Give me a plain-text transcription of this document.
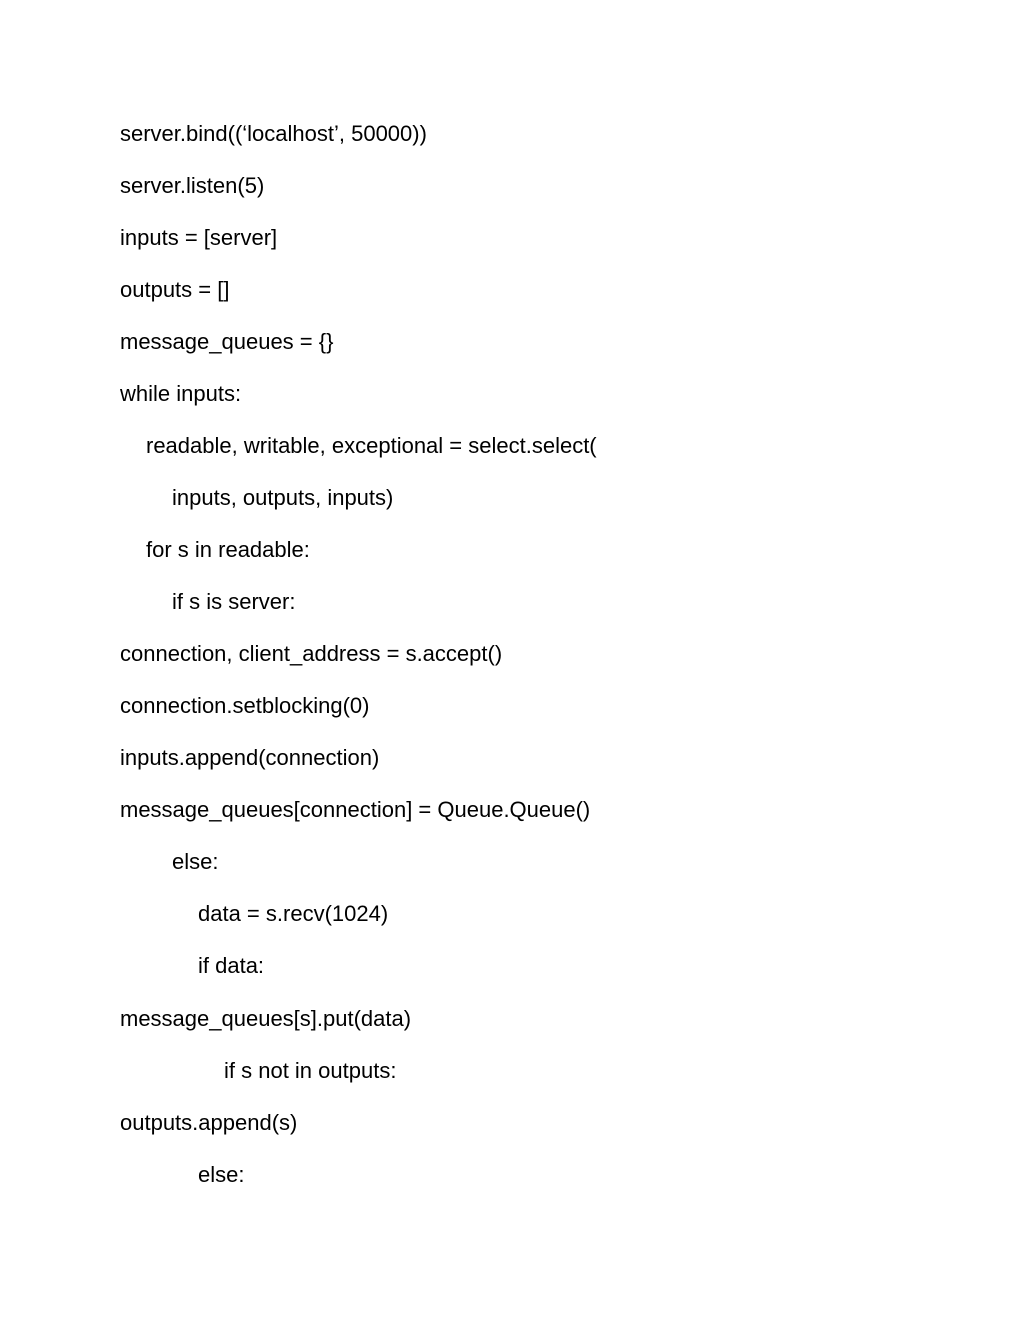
server.bind((‘localhost’, 50000))
server.listen(5)
inputs = [server]
outputs = []
message_queues = {}
while inputs:
readable, writable, exceptional = select.select(
inputs, outputs, inputs)
for s in readable:
if s is server:
connection, client_address = s.accept()
connection.setblocking(0)
inputs.append(connection)
message_queues[connection] = Queue.Queue()
else:
data = s.recv(1024)
if data:
message_queues[s].put(data)
if s not in outputs:
outputs.append(s)
else:
